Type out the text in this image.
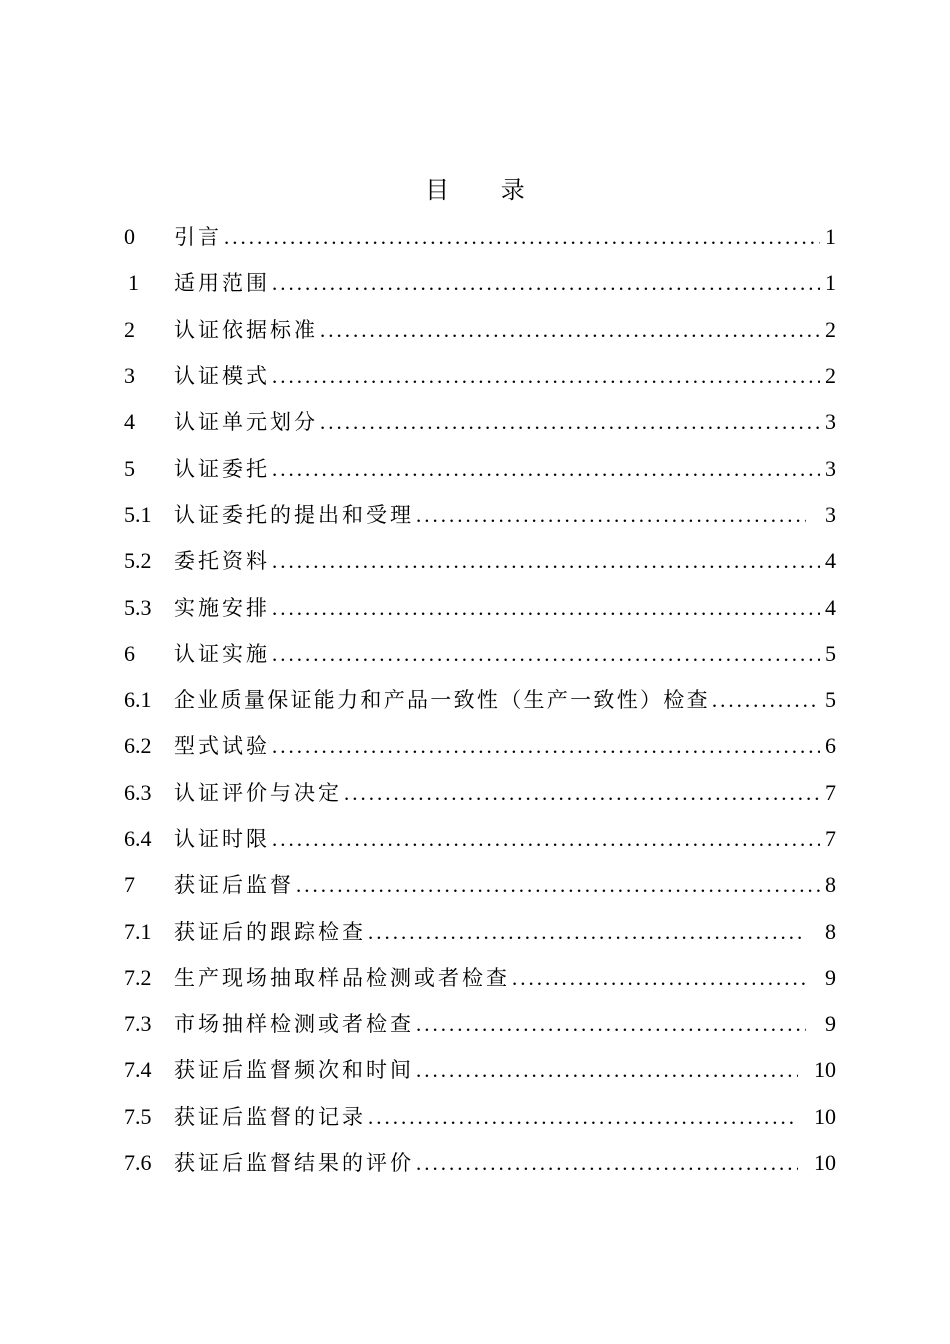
目 录
0	引言 .....	1
1	适用范围 .....	1
2	认证依据标准 .....	2
3	认证模式 .....	2
4	认证单元划分 .....	3
5	认证委托 .....	3
5.1	认证委托的提出和受理 .....	3
5.2	委托资料 .....	4
5.3	实施安排 .....	4
6	认证实施 .....	5
6.1	企业质量保证能力和产品一致性（生产一致性）检查 .....	5
6.2	型式试验 .....	6
6.3	认证评价与决定 .....	7
6.4	认证时限 .....	7
7	获证后监督 .....	8
7.1	获证后的跟踪检查 .....	8
7.2	生产现场抽取样品检测或者检查 .....	9
7.3	市场抽样检测或者检查 .....	9
7.4	获证后监督频次和时间 .....	10
7.5	获证后监督的记录 .....	10
7.6	获证后监督结果的评价 .....	10
